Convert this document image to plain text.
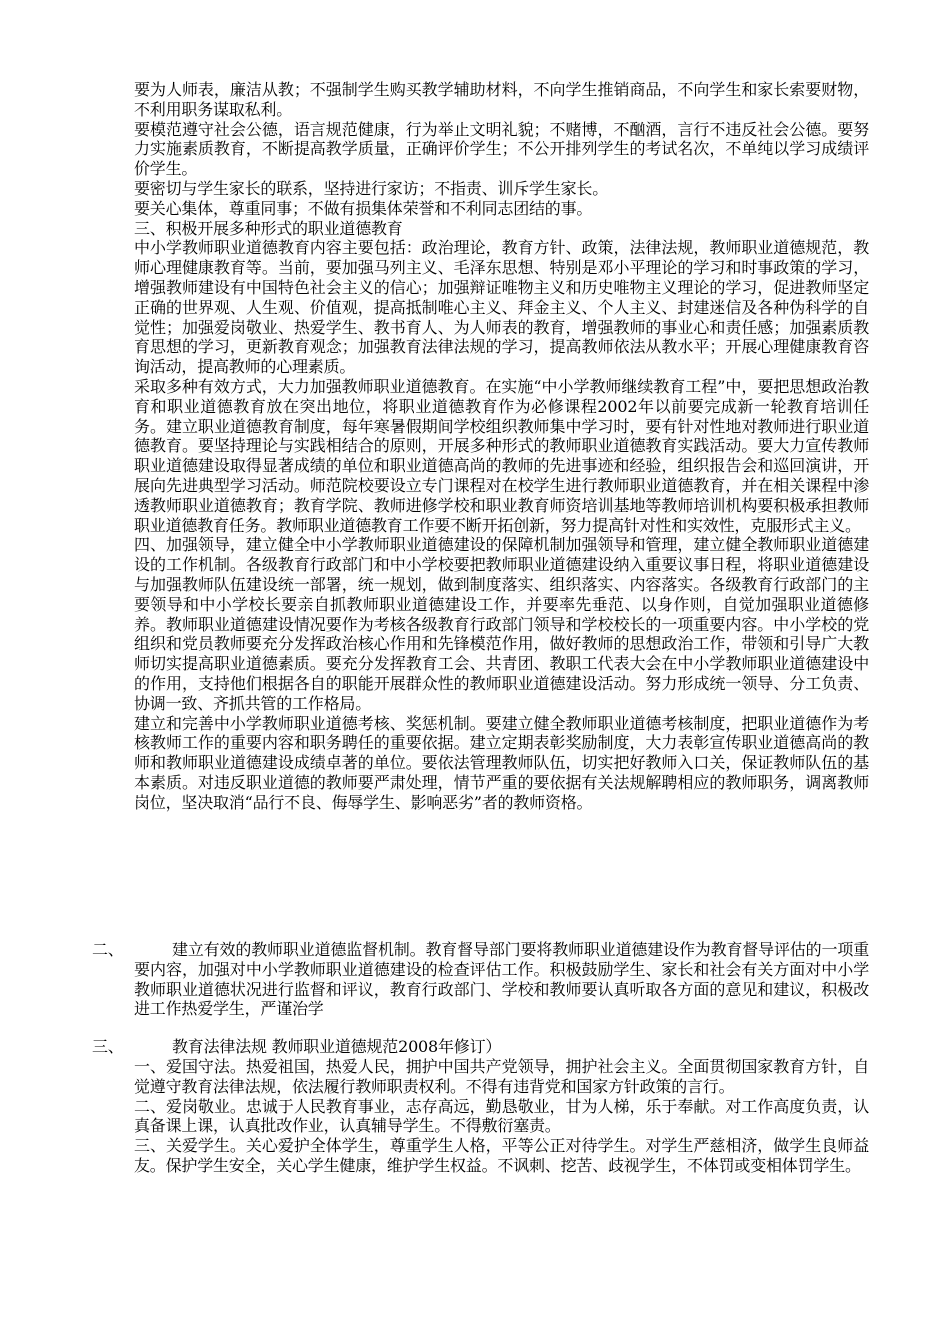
要为人师表，廉洁从教；不强制学生购买教学辅助材料，不向学生推销商品，不向学生和家长索要财物，不利用职务谋取私利。

要模范遵守社会公德，语言规范健康，行为举止文明礼貌；不赌博，不酗酒，言行不违反社会公德。要努力实施素质教育，不断提高教学质量，正确评价学生；不公开排列学生的考试名次，不单纯以学习成绩评价学生。

要密切与学生家长的联系，坚持进行家访；不指责、训斥学生家长。

要关心集体，尊重同事；不做有损集体荣誉和不利同志团结的事。

三、积极开展多种形式的职业道德教育

中小学教师职业道德教育内容主要包括：政治理论，教育方针、政策，法律法规，教师职业道德规范，教师心理健康教育等。当前，要加强马列主义、毛泽东思想、特别是邓小平理论的学习和时事政策的学习，增强教师建设有中国特色社会主义的信心；加强辩证唯物主义和历史唯物主义理论的学习，促进教师坚定正确的世界观、人生观、价值观，提高抵制唯心主义、拜金主义、个人主义、封建迷信及各种伪科学的自觉性；加强爱岗敬业、热爱学生、教书育人、为人师表的教育，增强教师的事业心和责任感；加强素质教育思想的学习，更新教育观念；加强教育法律法规的学习，提高教师依法从教水平；开展心理健康教育咨询活动，提高教师的心理素质。

采取多种有效方式，大力加强教师职业道德教育。在实施“中小学教师继续教育工程”中，要把思想政治教育和职业道德教育放在突出地位，将职业道德教育作为必修课程2002年以前要完成新一轮教育培训任务。建立职业道德教育制度，每年寒暑假期间学校组织教师集中学习时，要有针对性地对教师进行职业道德教育。要坚持理论与实践相结合的原则，开展多种形式的教师职业道德教育实践活动。要大力宣传教师职业道德建设取得显著成绩的单位和职业道德高尚的教师的先进事迹和经验，组织报告会和巡回演讲，开展向先进典型学习活动。师范院校要设立专门课程对在校学生进行教师职业道德教育，并在相关课程中渗透教师职业道德教育；教育学院、教师进修学校和职业教育师资培训基地等教师培训机构要积极承担教师职业道德教育任务。教师职业道德教育工作要不断开拓创新，努力提高针对性和实效性，克服形式主义。

四、加强领导，建立健全中小学教师职业道德建设的保障机制加强领导和管理，建立健全教师职业道德建设的工作机制。各级教育行政部门和中小学校要把教师职业道德建设纳入重要议事日程，将职业道德建设与加强教师队伍建设统一部署，统一规划，做到制度落实、组织落实、内容落实。各级教育行政部门的主要领导和中小学校长要亲自抓教师职业道德建设工作，并要率先垂范、以身作则，自觉加强职业道德修养。教师职业道德建设情况要作为考核各级教育行政部门领导和学校校长的一项重要内容。中小学校的党组织和党员教师要充分发挥政治核心作用和先锋模范作用，做好教师的思想政治工作，带领和引导广大教师切实提高职业道德素质。要充分发挥教育工会、共青团、教职工代表大会在中小学教师职业道德建设中的作用，支持他们根据各自的职能开展群众性的教师职业道德建设活动。努力形成统一领导、分工负责、协调一致、齐抓共管的工作格局。

建立和完善中小学教师职业道德考核、奖惩机制。要建立健全教师职业道德考核制度，把职业道德作为考核教师工作的重要内容和职务聘任的重要依据。建立定期表彰奖励制度，大力表彰宣传职业道德高尚的教师和教师职业道德建设成绩卓著的单位。要依法管理教师队伍，切实把好教师入口关，保证教师队伍的基本素质。对违反职业道德的教师要严肃处理，情节严重的要依据有关法规解聘相应的教师职务，调离教师岗位，坚决取消“品行不良、侮辱学生、影响恶劣”者的教师资格。

二、	建立有效的教师职业道德监督机制。教育督导部门要将教师职业道德建设作为教育督导评估的一项重要内容，加强对中小学教师职业道德建设的检查评估工作。积极鼓励学生、家长和社会有关方面对中小学教师职业道德状况进行监督和评议，教育行政部门、学校和教师要认真听取各方面的意见和建议，积极改进工作热爱学生，严谨治学
三、	教育法律法规 教师职业道德规范2008年修订）

一、爱国守法。热爱祖国，热爱人民，拥护中国共产党领导，拥护社会主义。全面贯彻国家教育方针，自觉遵守教育法律法规，依法履行教师职责权利。不得有违背党和国家方针政策的言行。

二、爱岗敬业。忠诚于人民教育事业，志存高远，勤恳敬业，甘为人梯，乐于奉献。对工作高度负责，认真备课上课，认真批改作业，认真辅导学生。不得敷衍塞责。

三、关爱学生。关心爱护全体学生，尊重学生人格，平等公正对待学生。对学生严慈相济，做学生良师益友。保护学生安全，关心学生健康，维护学生权益。不讽刺、挖苦、歧视学生，不体罚或变相体罚学生。
